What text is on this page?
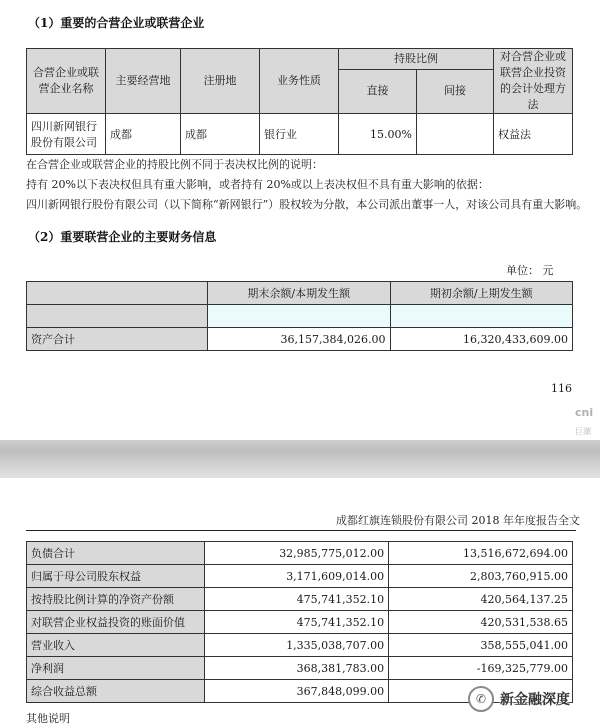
（1）重要的合营企业或联营企业
合营企业或联营企业名称	主要经营地	注册地	业务性质	持股比例		对合营企业或联营企业投资的会计处理方法
				直接	间接	
四川新网银行股份有限公司	成都	成都	银行业	15.00%		权益法
在合营企业或联营企业的持股比例不同于表决权比例的说明：
持有 20%以下表决权但具有重大影响，或者持有 20%或以上表决权但不具有重大影响的依据：
四川新网银行股份有限公司（以下简称“新网银行”）股权较为分散，本公司派出董事一人，对该公司具有重大影响。
（2）重要联营企业的主要财务信息
单位： 元
	期末余额/本期发生额	期初余额/上期发生额

资产合计	36,157,384,026.00	16,320,433,609.00
116
cni
巨潮
成都红旗连锁股份有限公司 2018 年年度报告全文
负债合计	32,985,775,012.00	13,516,672,694.00
归属于母公司股东权益	3,171,609,014.00	2,803,760,915.00
按持股比例计算的净资产份额	475,741,352.10	420,564,137.25
对联营企业权益投资的账面价值	475,741,352.10	420,531,538.65
营业收入	1,335,038,707.00	358,555,041.00
净利润	368,381,783.00	-169,325,779.00
综合收益总额	367,848,099.00	
其他说明
✆ 新金融深度
